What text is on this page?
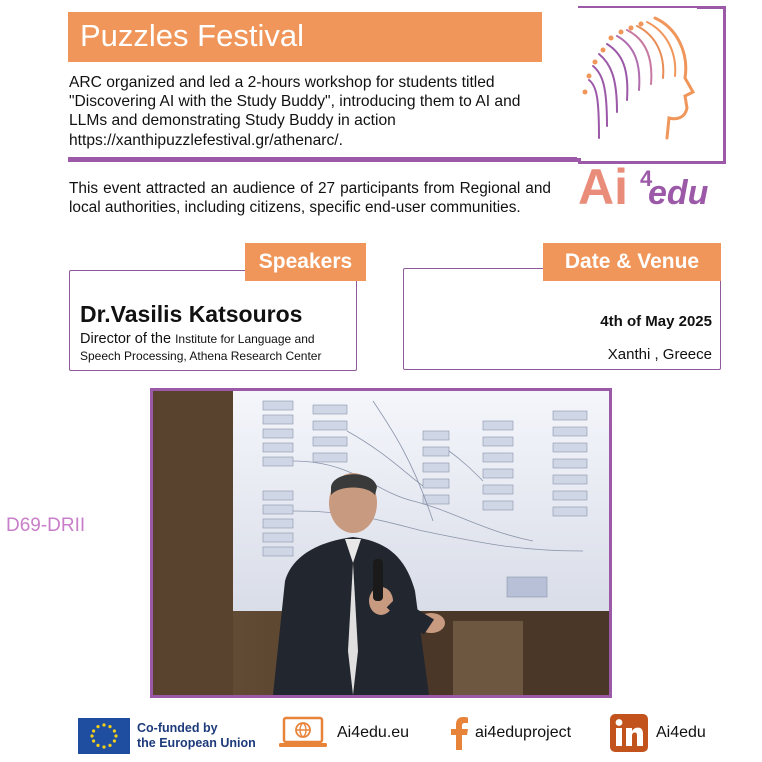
Puzzles Festival
ARC organized and led a 2-hours workshop for students titled
"Discovering AI with the Study Buddy", introducing them to AI and
LLMs and demonstrating Study Buddy in action
https://xanthipuzzlefestival.gr/athenarc/.
This event attracted an audience of 27 participants from Regional and local authorities, including citizens, specific end-user communities.	Ai 4
edu
Speakers
Dr.Vasilis Katsouros
Director of the Institute for Language and
Speech Processing, Athena Research Center
Date & Venue
4th of May 2025
Xanthi , Greece
D69-DRII
Co-funded by
the European Union
Ai4edu.eu	ai4eduproject	Ai4edu
